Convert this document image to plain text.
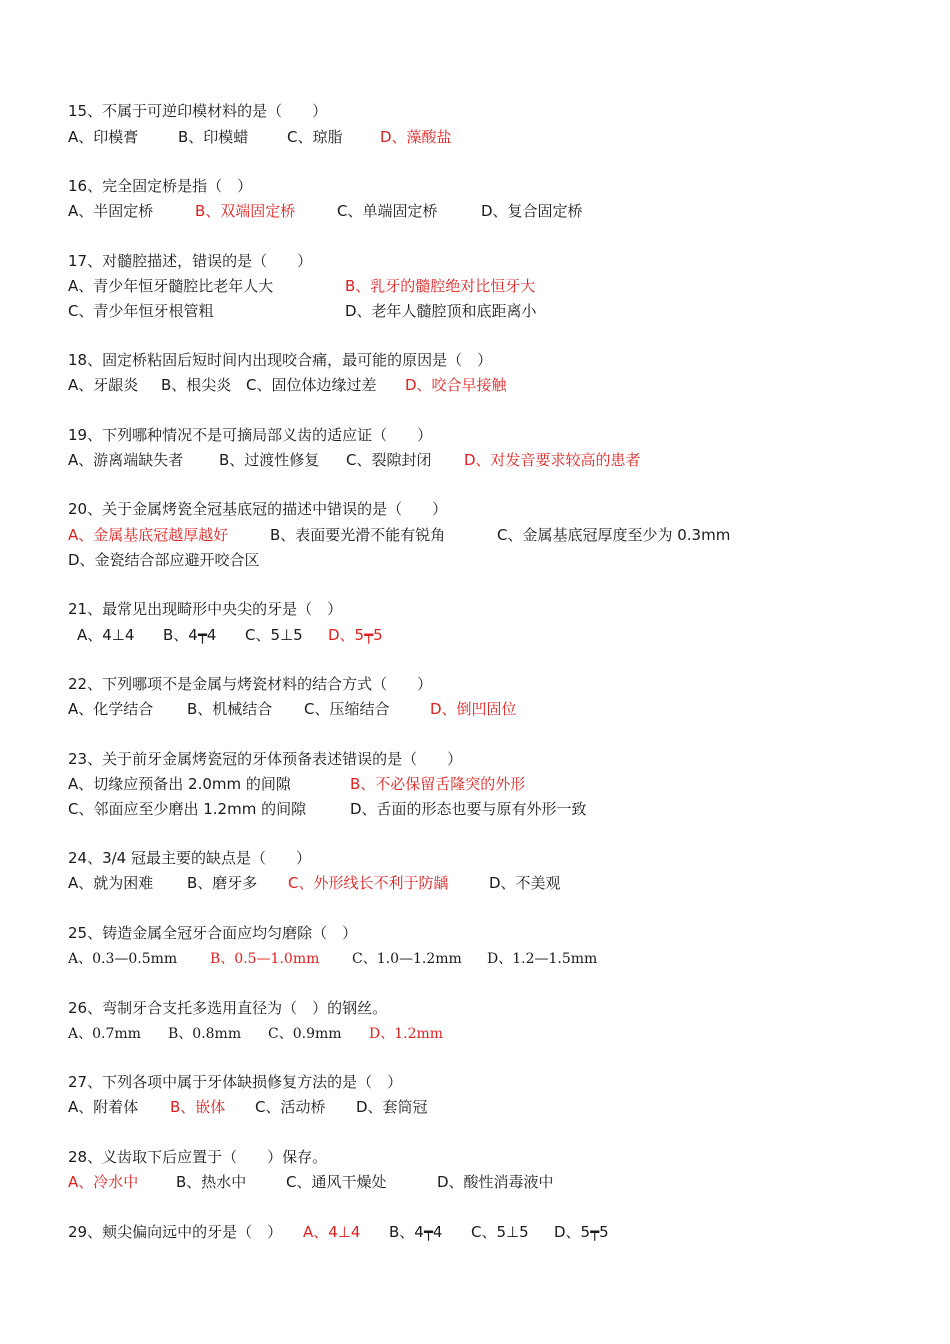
15、不属于可逆印模材料的是（　　）
A、印模膏	B、印模蜡	C、琼脂	D、藻酸盐
16、完全固定桥是指（　）
A、半固定桥	B、双端固定桥	C、单端固定桥	D、复合固定桥
17、对髓腔描述，错误的是（　　）
A、青少年恒牙髓腔比老年人大	B、乳牙的髓腔绝对比恒牙大
C、青少年恒牙根管粗	D、老年人髓腔顶和底距离小
18、固定桥粘固后短时间内出现咬合痛，最可能的原因是（　）
A、牙龈炎 B、根尖炎 C、固位体边缘过差 D、咬合早接触
19、下列哪种情况不是可摘局部义齿的适应证（　　）
A、游离端缺失者 B、过渡性修复 C、裂隙封闭 D、对发音要求较高的患者
20、关于金属烤瓷全冠基底冠的描述中错误的是（　　）
A、金属基底冠越厚越好	B、表面要光滑不能有锐角	C、金属基底冠厚度至少为 0.3mm
D、金瓷结合部应避开咬合区
21、最常见出现畸形中央尖的牙是（　）
A、4⊥4 B、4┯4 C、5⊥5 D、5┯5
22、下列哪项不是金属与烤瓷材料的结合方式（　　）
A、化学结合 B、机械结合 C、压缩结合	D、倒凹固位
23、关于前牙金属烤瓷冠的牙体预备表述错误的是（　　）
A、切缘应预备出 2.0mm 的间隙	B、不必保留舌隆突的外形
C、邻面应至少磨出 1.2mm 的间隙	D、舌面的形态也要与原有外形一致
24、3/4 冠最主要的缺点是（　　）
A、就为困难 B、磨牙多 C、外形线长不利于防龋	D、不美观
25、铸造金属全冠牙合面应均匀磨除（　）
A、0.3—0.5mm B、0.5—1.0mm C、1.0—1.2mm D、1.2—1.5mm
26、弯制牙合支托多选用直径为（　）的钢丝。
A、0.7mm B、0.8mm C、0.9mm D、1.2mm
27、下列各项中属于牙体缺损修复方法的是（　）
A、附着体 B、嵌体 C、活动桥 D、套筒冠
28、义齿取下后应置于（　　）保存。
A、冷水中	B、热水中	C、通风干燥处	D、酸性消毒液中
29、颊尖偏向远中的牙是（　） A、4⊥4 B、4┯4 C、5⊥5 D、5┯5
